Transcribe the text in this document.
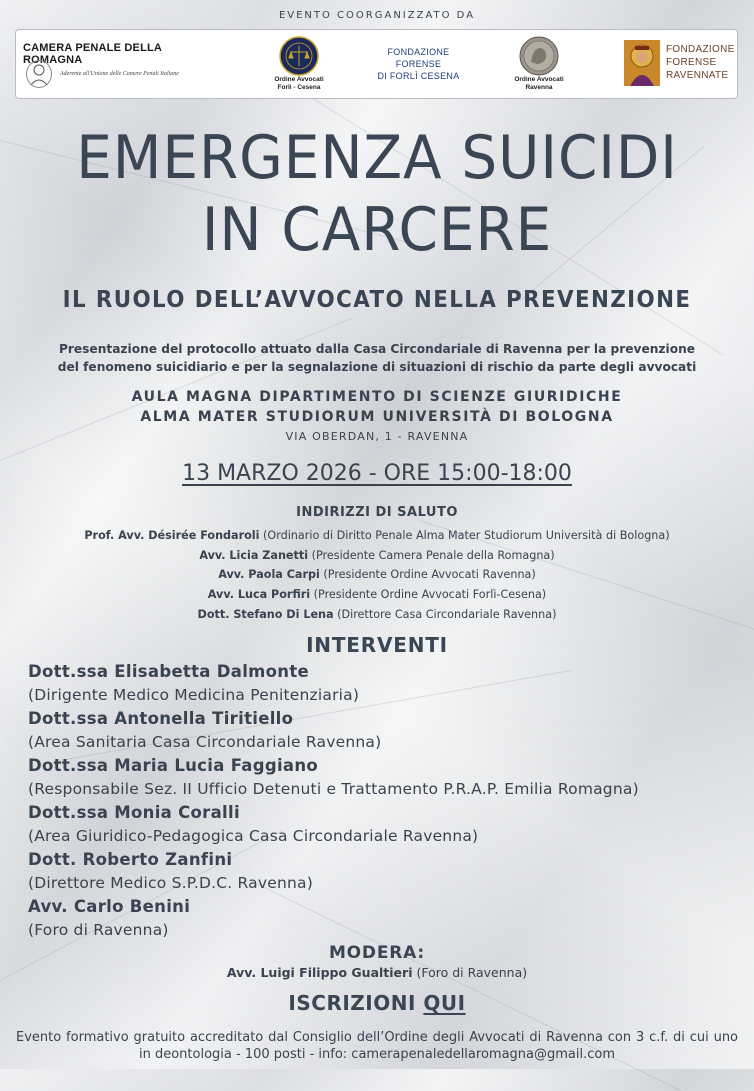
EVENTO COORGANIZZATO DA
CAMERA PENALE DELLA ROMAGNA
Aderente all'Unione delle Camere Penali Italiane
Ordine Avvocati
Forlì - Cesena
FONDAZIONE
FORENSE
DI FORLÌ CESENA	Ordine Avvocati
Ravenna
FONDAZIONE
FORENSE
RAVENNATE
EMERGENZA SUICIDI
IN CARCERE
IL RUOLO DELL’AVVOCATO NELLA PREVENZIONE
Presentazione del protocollo attuato dalla Casa Circondariale di Ravenna per la prevenzione
del fenomeno suicidiario e per la segnalazione di situazioni di rischio da parte degli avvocati
AULA MAGNA DIPARTIMENTO DI SCIENZE GIURIDICHE
ALMA MATER STUDIORUM UNIVERSITÀ DI BOLOGNA
VIA OBERDAN, 1 - RAVENNA
13 MARZO 2026 - ORE 15:00-18:00
INDIRIZZI DI SALUTO
Prof. Avv. Désirée Fondaroli (Ordinario di Diritto Penale Alma Mater Studiorum Università di Bologna)
Avv. Licia Zanetti (Presidente Camera Penale della Romagna)
Avv. Paola Carpi (Presidente Ordine Avvocati Ravenna)
Avv. Luca Porfiri (Presidente Ordine Avvocati Forlì-Cesena)
Dott. Stefano Di Lena (Direttore Casa Circondariale Ravenna)
INTERVENTI
Dott.ssa Elisabetta Dalmonte
(Dirigente Medico Medicina Penitenziaria)
Dott.ssa Antonella Tiritiello
(Area Sanitaria Casa Circondariale Ravenna)
Dott.ssa Maria Lucia Faggiano
(Responsabile Sez. II Ufficio Detenuti e Trattamento P.R.A.P. Emilia Romagna)
Dott.ssa Monia Coralli
(Area Giuridico-Pedagogica Casa Circondariale Ravenna)
Dott. Roberto Zanfini
(Direttore Medico S.P.D.C. Ravenna)
Avv. Carlo Benini
(Foro di Ravenna)
MODERA:
Avv. Luigi Filippo Gualtieri (Foro di Ravenna)
ISCRIZIONI QUI
Evento formativo gratuito accreditato dal Consiglio dell’Ordine degli Avvocati di Ravenna con 3 c.f. di cui uno in deontologia - 100 posti - info: camerapenaledellaromagna@gmail.com
